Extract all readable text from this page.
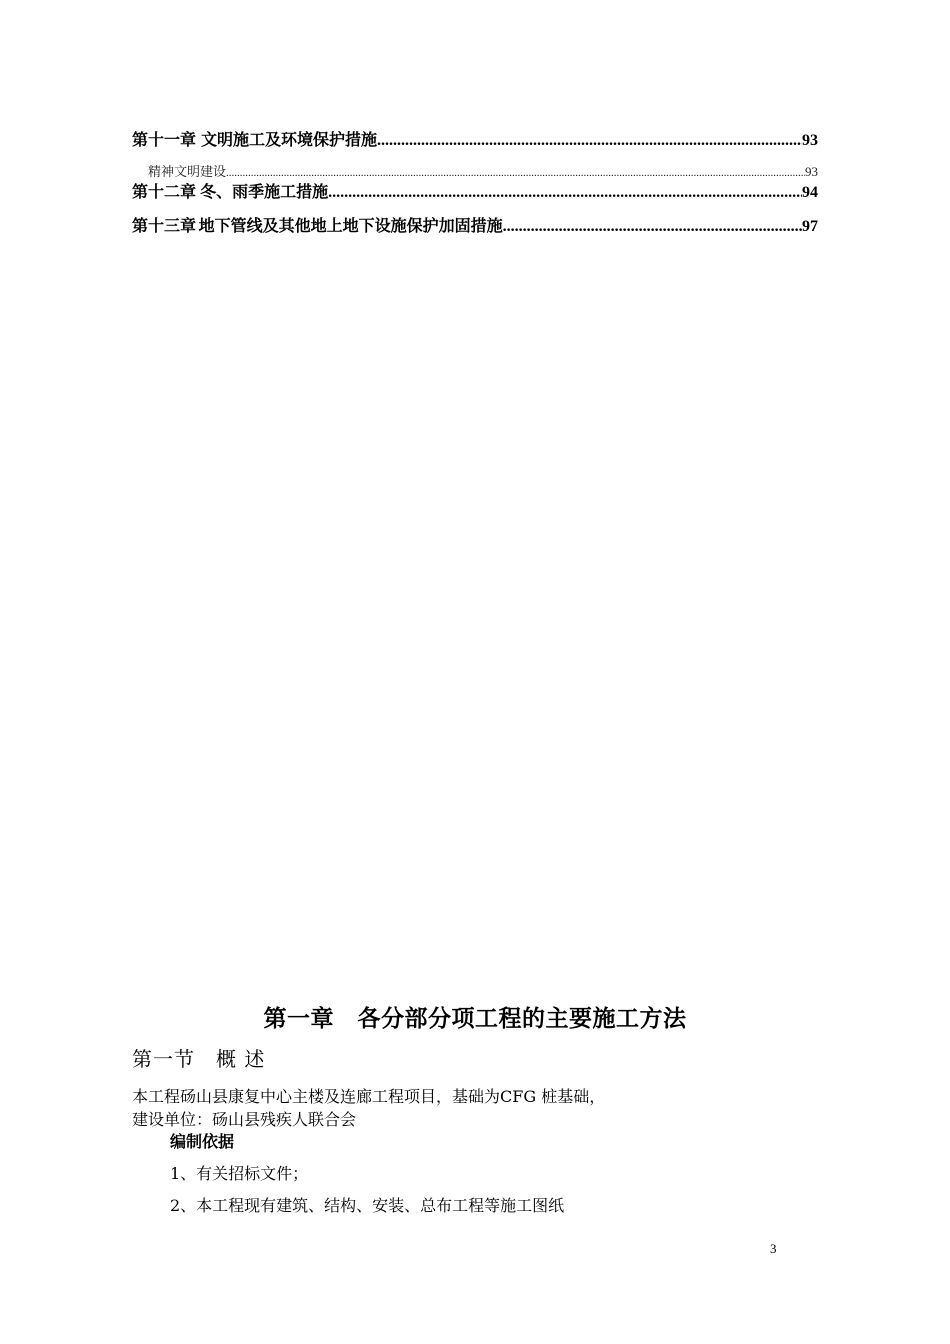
第十一章 文明施工及环境保护措施 .....	93
精神文明建设 .....	93
第十二章 冬、雨季施工措施 .....	94
第十三章 地下管线及其他地上地下设施保护加固措施 .....	97
第一章　各分部分项工程的主要施工方法
第一节　概 述
本工程砀山县康复中心主楼及连廊工程项目，基础为CFG 桩基础，
建设单位：砀山县残疾人联合会
编制依据
1、有关招标文件；
2、本工程现有建筑、结构、安装、总布工程等施工图纸
3
